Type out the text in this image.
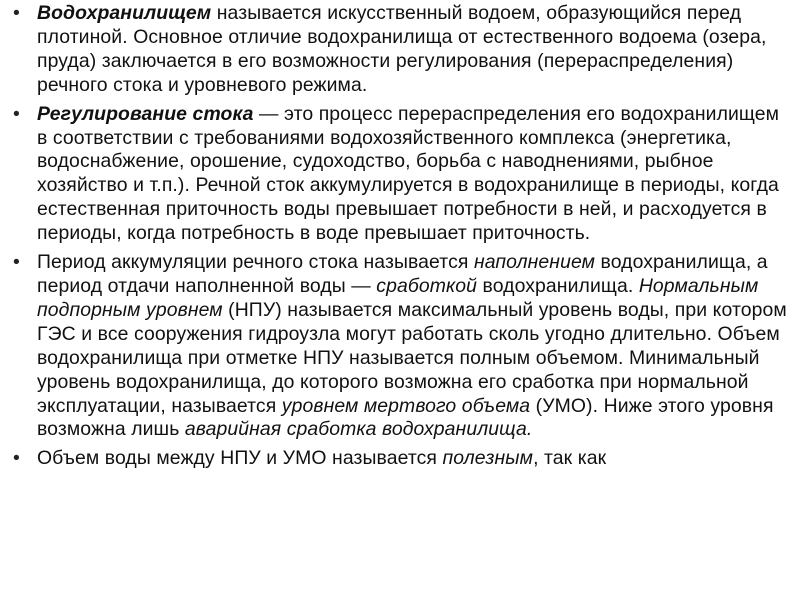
• Водохранилищем называется искусственный водоем, образующийся перед плотиной. Основное отличие водохранилища от естественного водоема (озера, пруда) заключается в его возможности регулирования (перераспределения) речного стока и уровневого режима.
• Регулирование стока — это процесс перераспределения его водохранилищем в соответствии с требованиями водохозяйственного комплекса (энергетика, водоснабжение, орошение, судоходство, борьба с наводнениями, рыбное хозяйство и т.п.). Речной сток аккумулируется в водохранилище в периоды, когда естественная приточность воды превышает потребности в ней, и расходуется в периоды, когда потребность в воде превышает приточность.
• Период аккумуляции речного стока называется наполнением водохранилища, а период отдачи наполненной воды — сработкой водохранилища. Нормальным подпорным уровнем (НПУ) называется максимальный уровень воды, при котором ГЭС и все сооружения гидроузла могут работать сколь угодно длительно. Объем водохранилища при отметке НПУ называется полным объемом. Минимальный уровень водохранилища, до которого возможна его сработка при нормальной эксплуатации, называется уровнем мертвого объема (УМО). Ниже этого уровня возможна лишь аварийная сработка водохранилища.
• Объем воды между НПУ и УМО называется полезным, так как
